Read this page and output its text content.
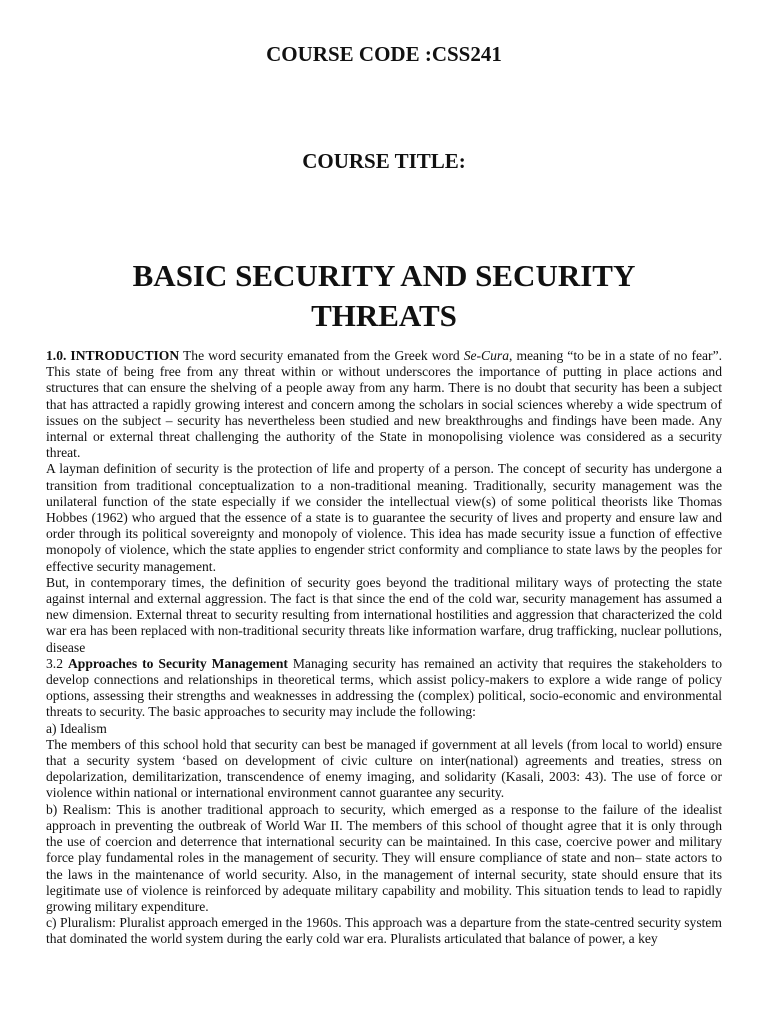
COURSE CODE :CSS241
COURSE TITLE:
BASIC SECURITY AND SECURITY THREATS

1.0. INTRODUCTION The word security emanated from the Greek word Se-Cura, meaning “to be in a state of no fear”. This state of being free from any threat within or without underscores the importance of putting in place actions and structures that can ensure the shelving of a people away from any harm. There is no doubt that security has been a subject that has attracted a rapidly growing interest and concern among the scholars in social sciences whereby a wide spectrum of issues on the subject – security has nevertheless been studied and new breakthroughs and findings have been made. Any internal or external threat challenging the authority of the State in monopolising violence was considered as a security threat.

A layman definition of security is the protection of life and property of a person. The concept of security has undergone a transition from traditional conceptualization to a non-traditional meaning. Traditionally, security management was the unilateral function of the state especially if we consider the intellectual view(s) of some political theorists like Thomas Hobbes (1962) who argued that the essence of a state is to guarantee the security of lives and property and ensure law and order through its political sovereignty and monopoly of violence. This idea has made security issue a function of effective monopoly of violence, which the state applies to engender strict conformity and compliance to state laws by the peoples for effective security management.

But, in contemporary times, the definition of security goes beyond the traditional military ways of protecting the state against internal and external aggression. The fact is that since the end of the cold war, security management has assumed a new dimension. External threat to security resulting from international hostilities and aggression that characterized the cold war era has been replaced with non-traditional security threats like information warfare, drug trafficking, nuclear pollutions, disease

3.2 Approaches to Security Management Managing security has remained an activity that requires the stakeholders to develop connections and relationships in theoretical terms, which assist policy-makers to explore a wide range of policy options, assessing their strengths and weaknesses in addressing the (complex) political, socio-economic and environmental threats to security. The basic approaches to security may include the following:

a) Idealism

The members of this school hold that security can best be managed if government at all levels (from local to world) ensure that a security system ‘based on development of civic culture on inter(national) agreements and treaties, stress on depolarization, demilitarization, transcendence of enemy imaging, and solidarity (Kasali, 2003: 43). The use of force or violence within national or international environment cannot guarantee any security.

b) Realism: This is another traditional approach to security, which emerged as a response to the failure of the idealist approach in preventing the outbreak of World War II. The members of this school of thought agree that it is only through the use of coercion and deterrence that international security can be maintained. In this case, coercive power and military force play fundamental roles in the management of security. They will ensure compliance of state and non– state actors to the laws in the maintenance of world security. Also, in the management of internal security, state should ensure that its legitimate use of violence is reinforced by adequate military capability and mobility. This situation tends to lead to rapidly growing military expenditure.

c) Pluralism: Pluralist approach emerged in the 1960s. This approach was a departure from the state-centred security system that dominated the world system during the early cold war era. Pluralists articulated that balance of power, a key
